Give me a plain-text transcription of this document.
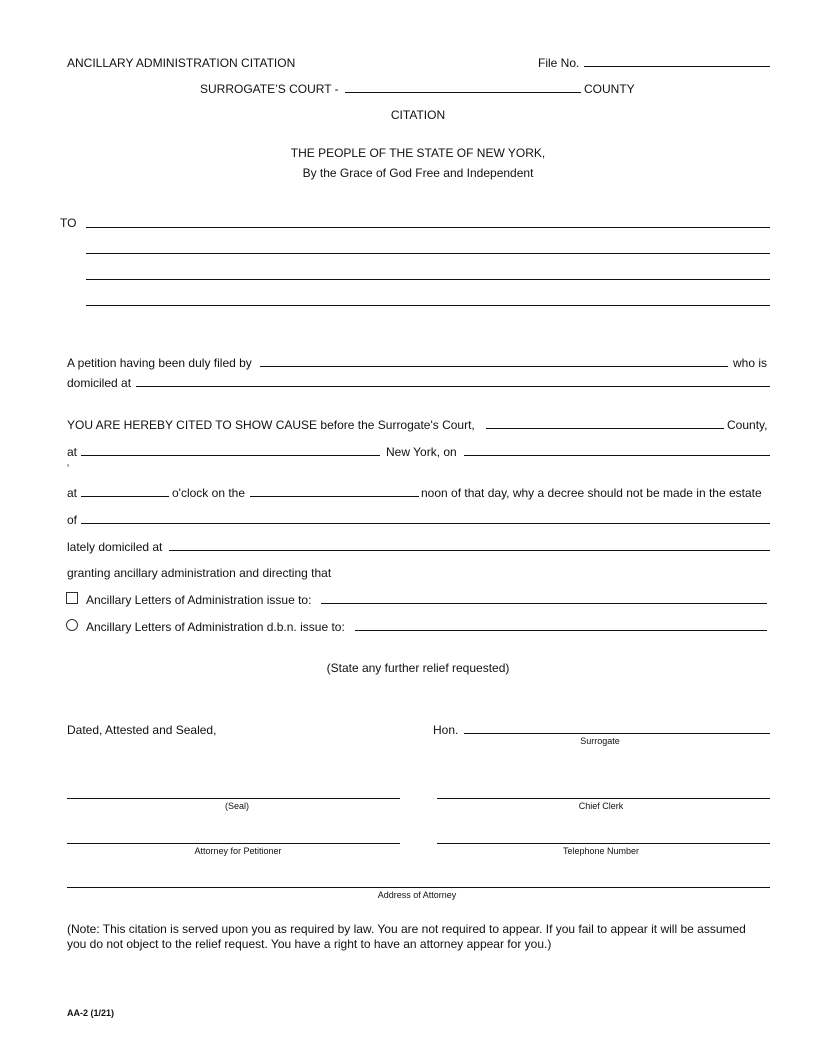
ANCILLARY ADMINISTRATION CITATION	File No.
SURROGATE’S COURT -	COUNTY
CITATION
THE PEOPLE OF THE STATE OF NEW YORK,
By the Grace of God Free and Independent
TO
A petition having been duly filed by	who is
domiciled at
YOU ARE HEREBY CITED TO SHOW CAUSE before the Surrogate's Court,	County,
at	New York, on
‘
at	o'clock on the	noon of that day, why a decree should not be made in the estate
of
lately domiciled at
granting ancillary administration and directing that
Ancillary Letters of Administration issue to:
Ancillary Letters of Administration d.b.n. issue to:
(State any further relief requested)
Dated, Attested and Sealed,	Hon.
Surrogate
(Seal)	Chief Clerk
Attorney for Petitioner	Telephone Number
Address of Attorney
(Note: This citation is served upon you as required by law. You are not required to appear. If you fail to appear it will be assumed you do not object to the relief request. You have a right to have an attorney appear for you.)
AA-2 (1/21)
